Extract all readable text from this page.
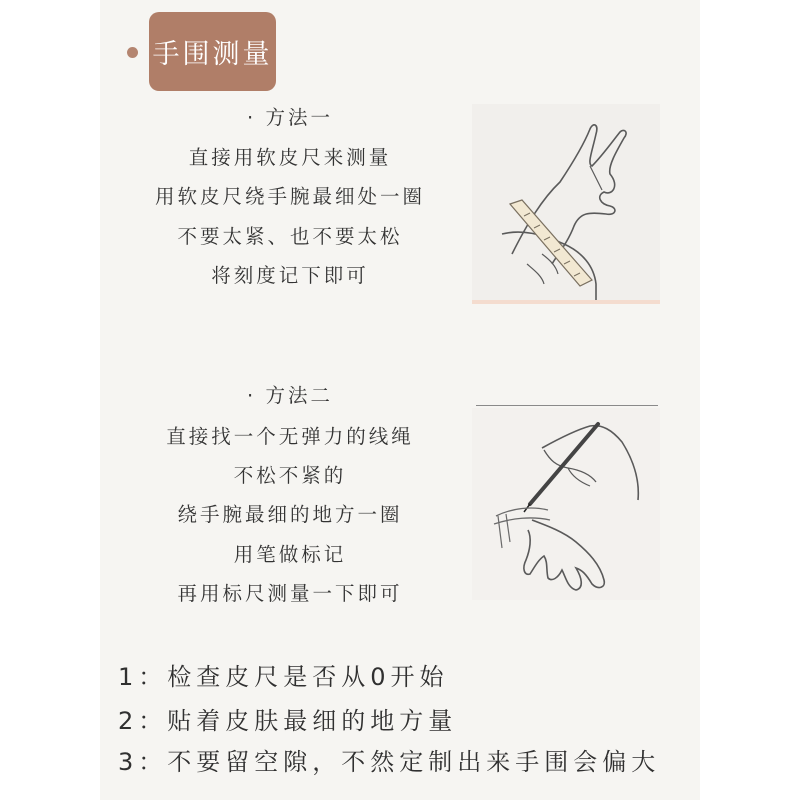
手围测量
· 方法一
直接用软皮尺来测量
用软皮尺绕手腕最细处一圈
不要太紧、也不要太松
将刻度记下即可
· 方法二
直接找一个无弹力的线绳
不松不紧的
绕手腕最细的地方一圈
用笔做标记
再用标尺测量一下即可
1：检查皮尺是否从0开始
2：贴着皮肤最细的地方量
3：不要留空隙，不然定制出来手围会偏大
